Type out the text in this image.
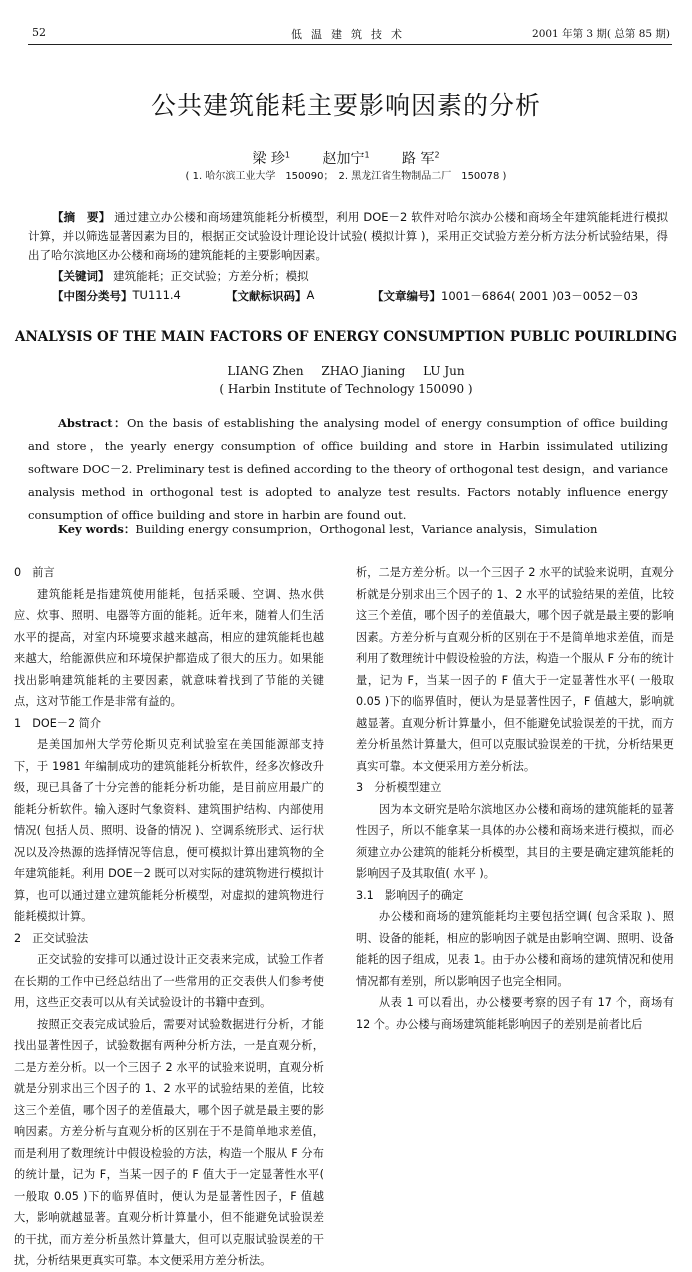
52	低温建筑技术	2001 年第 3 期( 总第 85 期)
公共建筑能耗主要影响因素的分析
梁 珍$^1$ 赵加宁$^1$ 路 军$^2$
( 1. 哈尔滨工业大学　150090；　2. 黑龙江省生物制品二厂　150078 )
【摘　要】 通过建立办公楼和商场建筑能耗分析模型，利用 DOE－2 软件对哈尔滨办公楼和商场全年建筑能耗进行模拟计算，并以筛选显著因素为目的，根据正交试验设计理论设计试验( 模拟计算 )，采用正交试验方差分析方法分析试验结果，得出了哈尔滨地区办公楼和商场的建筑能耗的主要影响因素。
【关键词】 建筑能耗；正交试验；方差分析；模拟
【中图分类号】 TU111.4	【文献标识码】 A	【文章编号】 1001－6864( 2001 )03－0052－03
ANALYSIS OF THE MAIN FACTORS OF ENERGY CONSUMPTION PUBLIC POUIRLDING
LIANG Zhen ZHAO Jianing LU Jun
( Harbin Institute of Technology 150090 )
Abstract：On the basis of establishing the analysing model of energy consumption of office building and store，the yearly energy consumption of office building and store in Harbin issimulated utilizing software DOC－2. Preliminary test is defined according to the theory of orthogonal test design，and variance analysis method in orthogonal test is adopted to analyze test results. Factors notably influence energy consumption of office building and store in harbin are found out.
Key words：Building energy consumprion，Orthogonal lest，Variance analysis，Simulation
0　前言

建筑能耗是指建筑使用能耗，包括采暖、空调、热水供应、炊事、照明、电器等方面的能耗。近年来，随着人们生活水平的提高，对室内环境要求越来越高，相应的建筑能耗也越来越大，给能源供应和环境保护都造成了很大的压力。如果能找出影响建筑能耗的主要因素，就意味着找到了节能的关键点，这对节能工作是非常有益的。

1　DOE－2 简介

是美国加州大学劳伦斯贝克利试验室在美国能源部支持下，于 1981 年编制成功的建筑能耗分析软件，经多次修改升级，现已具备了十分完善的能耗分析功能，是目前应用最广的能耗分析软件。输入逐时气象资料、建筑围护结构、内部使用情况( 包括人员、照明、设备的情况 )、空调系统形式、运行状况以及冷热源的选择情况等信息，便可模拟计算出建筑物的全年建筑能耗。利用 DOE－2 既可以对实际的建筑物进行模拟计算，也可以通过建立建筑能耗分析模型，对虚拟的建筑物进行能耗模拟计算。

2　正交试验法

正交试验的安排可以通过设计正交表来完成，试验工作者在长期的工作中已经总结出了一些常用的正交表供人们参考使用，这些正交表可以从有关试验设计的书籍中查到。

按照正交表完成试验后，需要对试验数据进行分析，才能找出显著性因子，试验数据有两种分析方法，一是直观分析，二是方差分析。以一个三因子 2 水平的试验来说明，直观分析就是分别求出三个因子的 1、2 水平的试验结果的差值，比较这三个差值，哪个因子的差值最大，哪个因子就是最主要的影响因素。方差分析与直观分析的区别在于不是简单地求差值，而是利用了数理统计中假设检验的方法，构造一个服从 F 分布的统计量，记为 F，当某一因子的 F 值大于一定显著性水平( 一般取 0.05 )下的临界值时，便认为是显著性因子，F 值越大，影响就越显著。直观分析计算量小，但不能避免试验误差的干扰，而方差分析虽然计算量大，但可以克服试验误差的干扰，分析结果更真实可靠。本文便采用方差分析法。

析，二是方差分析。以一个三因子 2 水平的试验来说明，直观分析就是分别求出三个因子的 1、2 水平的试验结果的差值，比较这三个差值，哪个因子的差值最大，哪个因子就是最主要的影响因素。方差分析与直观分析的区别在于不是简单地求差值，而是利用了数理统计中假设检验的方法，构造一个服从 F 分布的统计量，记为 F，当某一因子的 F 值大于一定显著性水平( 一般取 0.05 )下的临界值时，便认为是显著性因子，F 值越大，影响就越显著。直观分析计算量小，但不能避免试验误差的干扰，而方差分析虽然计算量大，但可以克服试验误差的干扰，分析结果更真实可靠。本文便采用方差分析法。

3　分析模型建立

因为本文研究是哈尔滨地区办公楼和商场的建筑能耗的显著性因子，所以不能拿某一具体的办公楼和商场来进行模拟，而必须建立办公建筑的能耗分析模型，其目的主要是确定建筑能耗的影响因子及其取值( 水平 )。

3.1　影响因子的确定

办公楼和商场的建筑能耗均主要包括空调( 包含采取 )、照明、设备的能耗，相应的影响因子就是由影响空调、照明、设备能耗的因子组成，见表 1。由于办公楼和商场的建筑情况和使用情况都有差别，所以影响因子也完全相同。

从表 1 可以看出，办公楼要考察的因子有 17 个，商场有 12 个。办公楼与商场建筑能耗影响因子的差别是前者比后
